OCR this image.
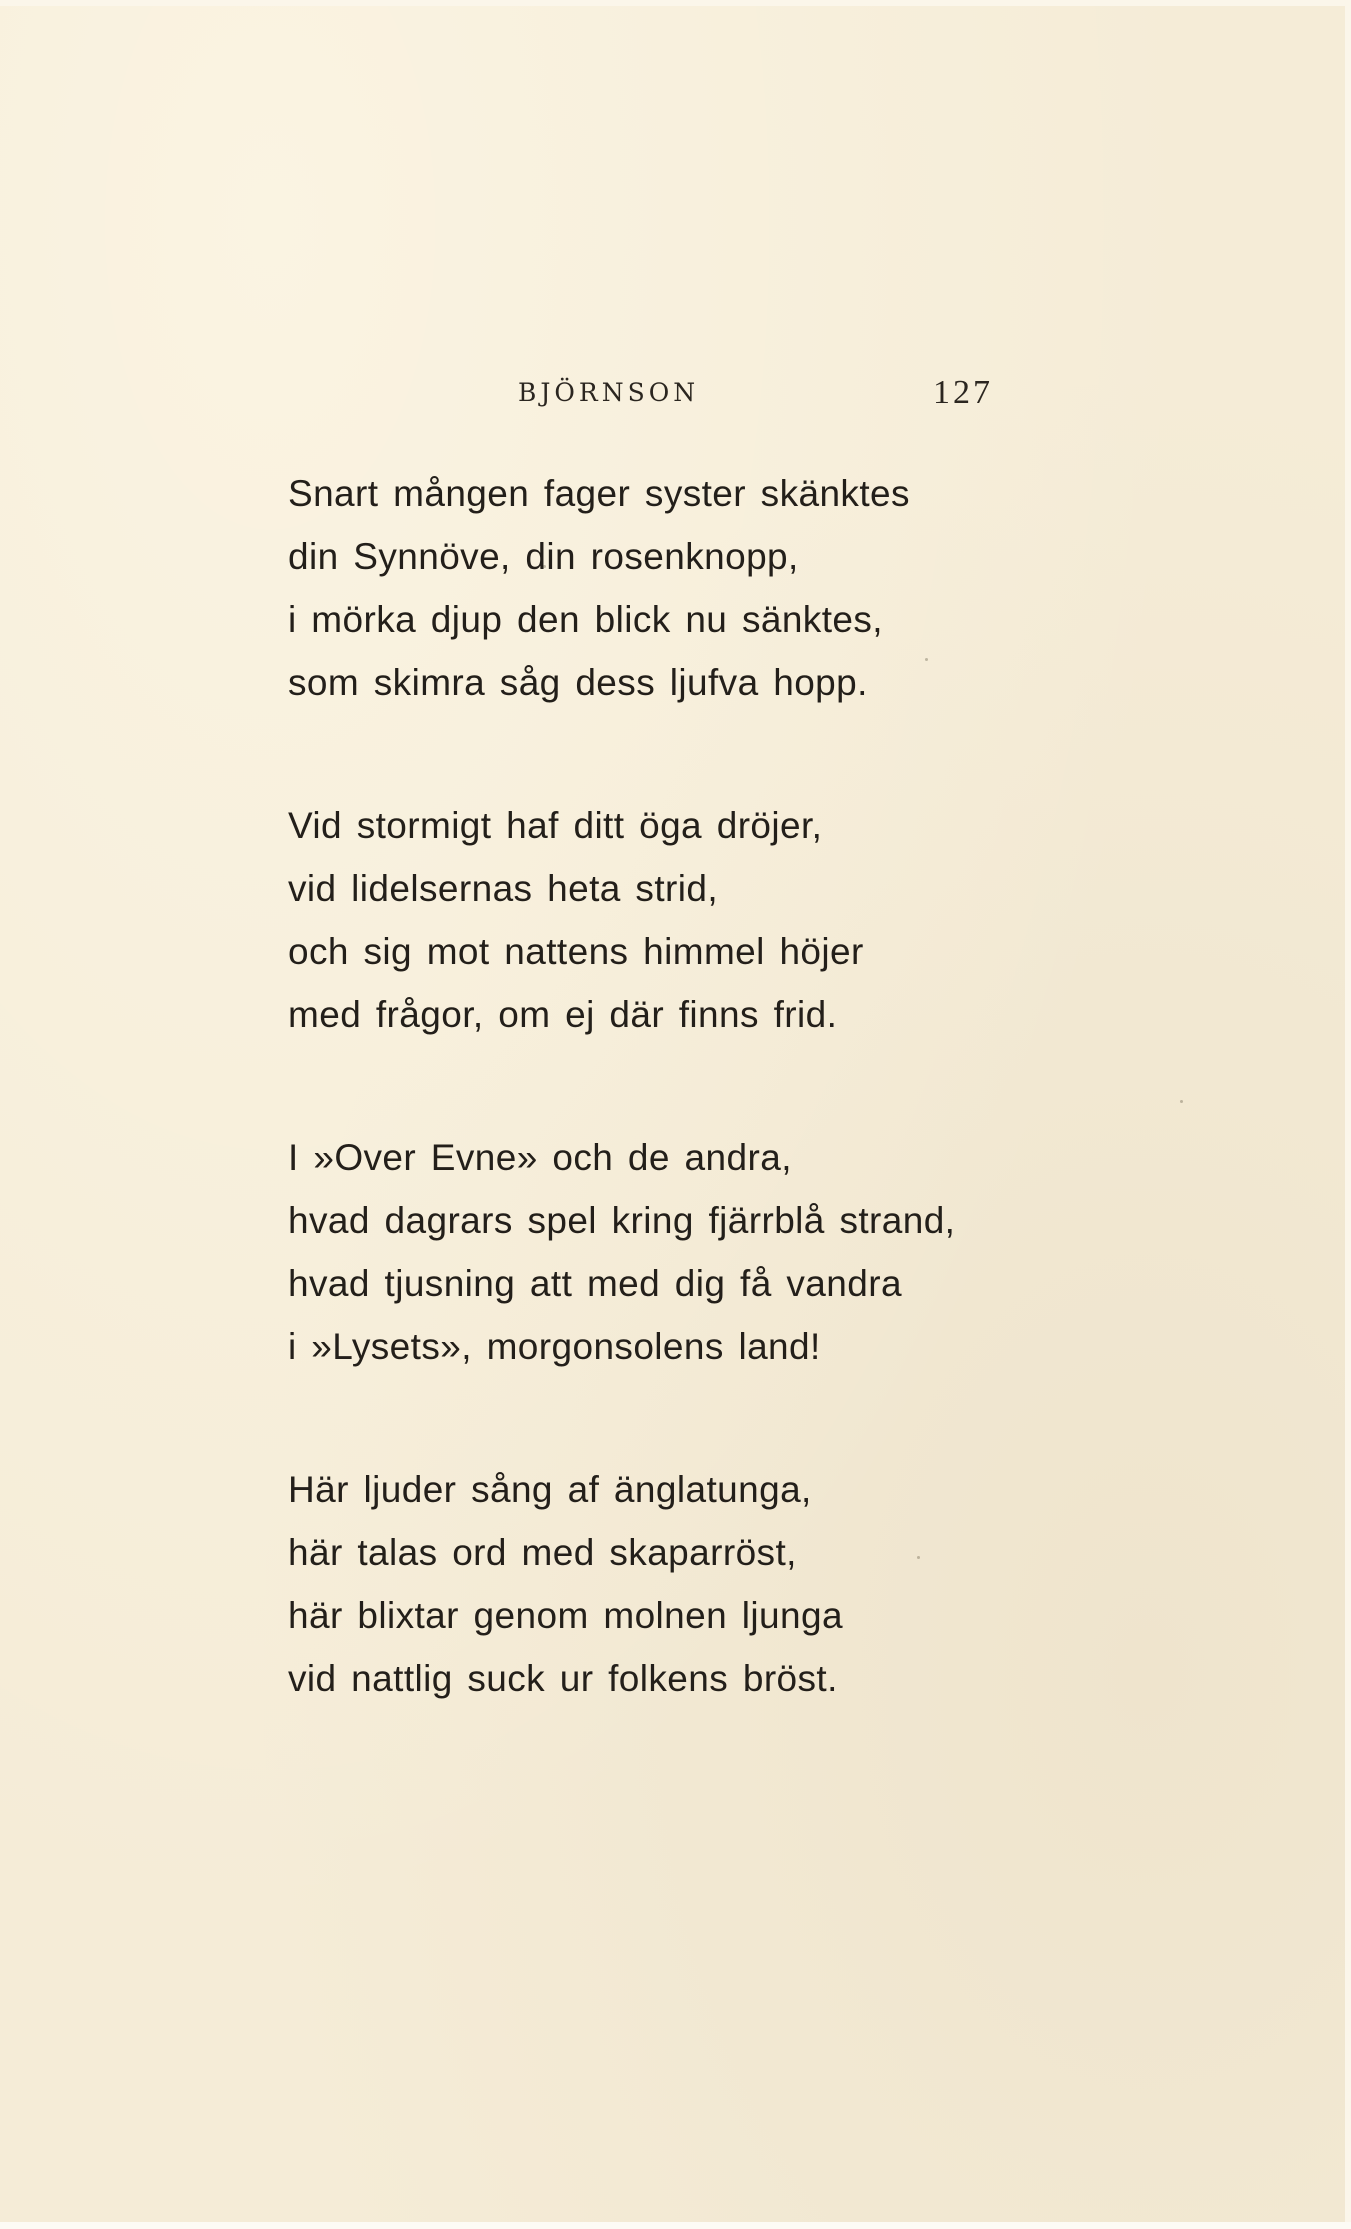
BJÖRNSON	127
Snart mången fager syster skänktes
din Synnöve, din rosenknopp,
i mörka djup den blick nu sänktes,
som skimra såg dess ljufva hopp.
Vid stormigt haf ditt öga dröjer,
vid lidelsernas heta strid,
och sig mot nattens himmel höjer
med frågor, om ej där finns frid.
I »Over Evne» och de andra,
hvad dagrars spel kring fjärrblå strand,
hvad tjusning att med dig få vandra
i »Lysets», morgonsolens land!
Här ljuder sång af änglatunga,
här talas ord med skaparröst,
här blixtar genom molnen ljunga
vid nattlig suck ur folkens bröst.
